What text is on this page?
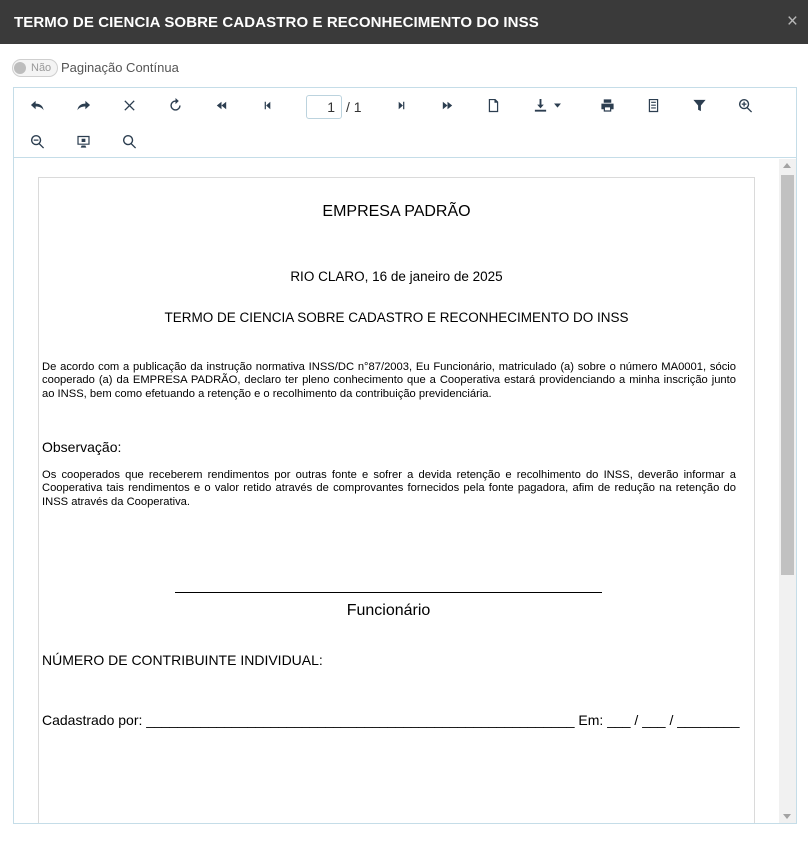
TERMO DE CIENCIA SOBRE CADASTRO E RECONHECIMENTO DO INSS	×
Não Paginação Contínua
1 / 1
EMPRESA PADRÃO
RIO CLARO, 16 de janeiro de 2025
TERMO DE CIENCIA SOBRE CADASTRO E RECONHECIMENTO DO INSS
De acordo com a publicação da instrução normativa INSS/DC n°87/2003, Eu Funcionário, matriculado (a) sobre o número MA0001, sócio cooperado (a) da EMPRESA PADRÃO, declaro ter pleno conhecimento que a Cooperativa estará providenciando a minha inscrição junto ao INSS, bem como efetuando a retenção e o recolhimento da contribuição previdenciária.
Observação:
Os cooperados que receberem rendimentos por outras fonte e sofrer a devida retenção e recolhimento do INSS, deverão informar a Cooperativa tais rendimentos e o valor retido através de comprovantes fornecidos pela fonte pagadora, afim de redução na retenção do INSS através da Cooperativa.
Funcionário
NÚMERO DE CONTRIBUINTE INDIVIDUAL:
Cadastrado por: _______________________________________________________ Em: ___ / ___ / ________
